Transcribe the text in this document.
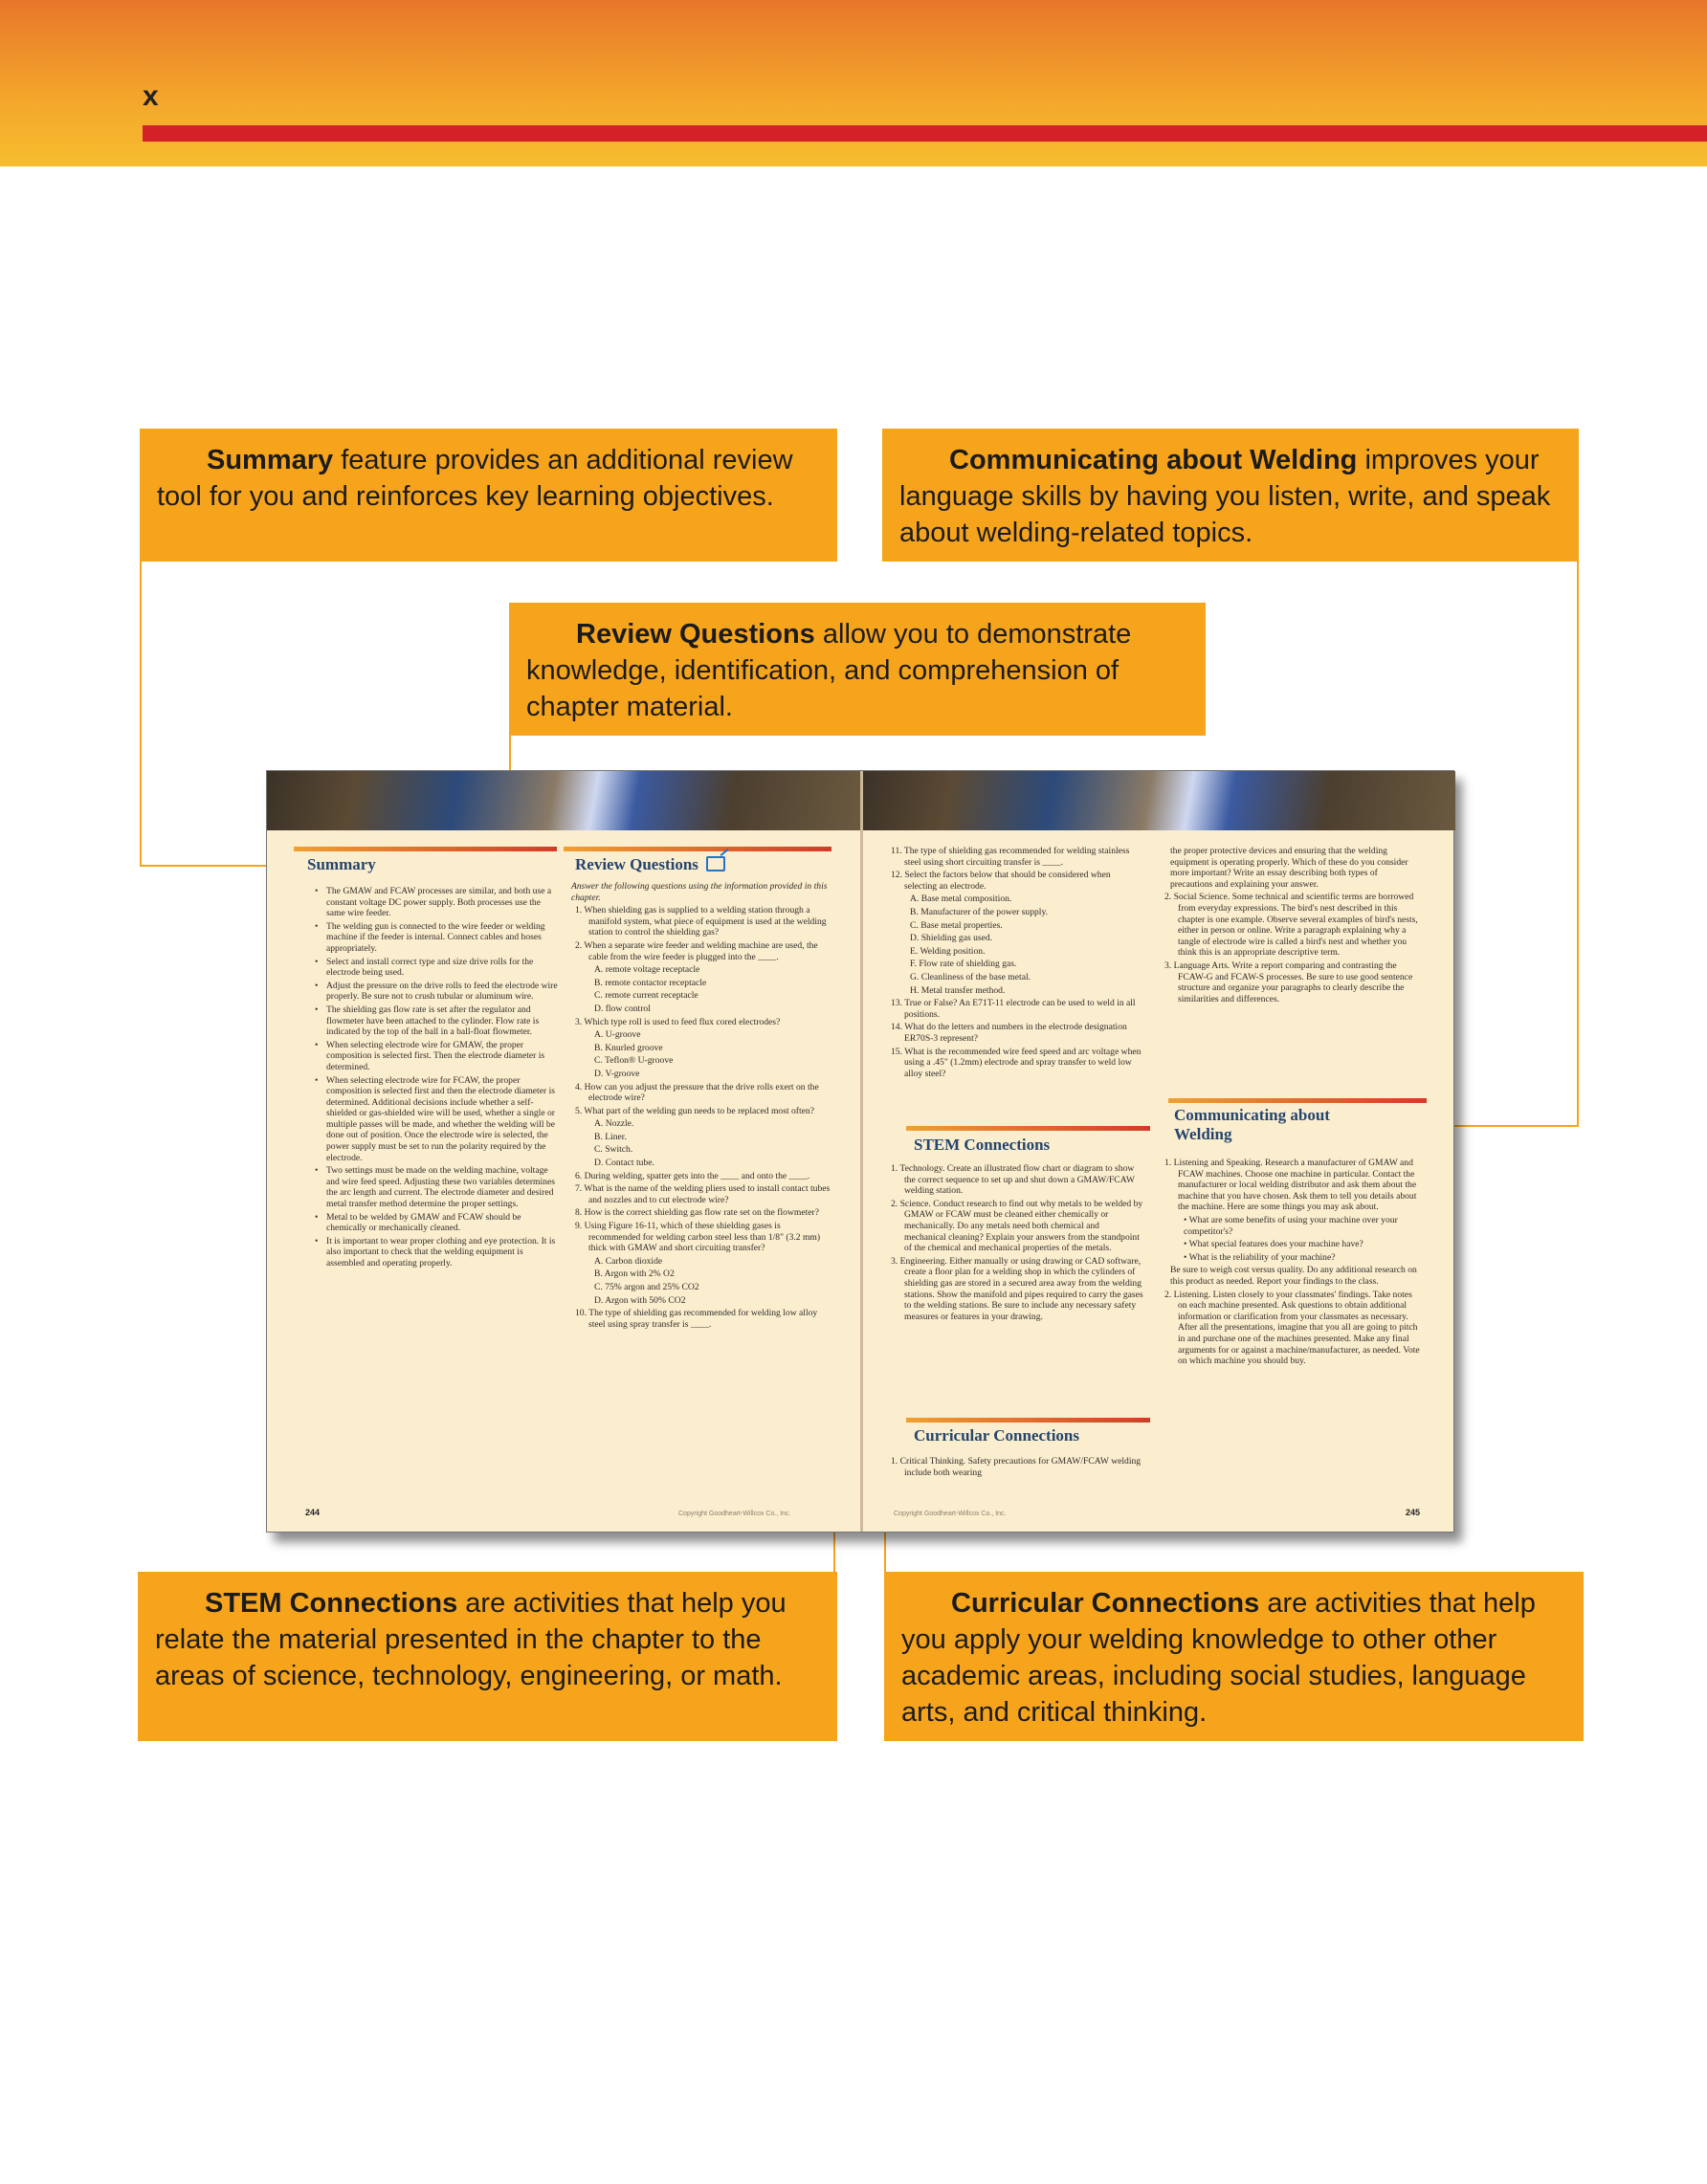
x
Summary feature provides an additional review tool for you and reinforces key learning objectives.
Communicating about Welding improves your language skills by having you listen, write, and speak about welding-related topics.
Review Questions allow you to demonstrate knowledge, identification, and comprehension of chapter material.
STEM Connections are activities that help you relate the material presented in the chapter to the areas of science, technology, engineering, or math.
Curricular Connections are activities that help you apply your welding knowledge to other other academic areas, including social studies, language arts, and critical thinking.
Summary

• The GMAW and FCAW processes are similar, and both use a constant voltage DC power supply. Both processes use the same wire feeder.

• The welding gun is connected to the wire feeder or welding machine if the feeder is internal. Connect cables and hoses appropriately.

• Select and install correct type and size drive rolls for the electrode being used.

• Adjust the pressure on the drive rolls to feed the electrode wire properly. Be sure not to crush tubular or aluminum wire.

• The shielding gas flow rate is set after the regulator and flowmeter have been attached to the cylinder. Flow rate is indicated by the top of the ball in a ball-float flowmeter.

• When selecting electrode wire for GMAW, the proper composition is selected first. Then the electrode diameter is determined.

• When selecting electrode wire for FCAW, the proper composition is selected first and then the electrode diameter is determined. Additional decisions include whether a self-shielded or gas-shielded wire will be used, whether a single or multiple passes will be made, and whether the welding will be done out of position. Once the electrode wire is selected, the power supply must be set to run the polarity required by the electrode.

• Two settings must be made on the welding machine, voltage and wire feed speed. Adjusting these two variables determines the arc length and current. The electrode diameter and desired metal transfer method determine the proper settings.

• Metal to be welded by GMAW and FCAW should be chemically or mechanically cleaned.

• It is important to wear proper clothing and eye protection. It is also important to check that the welding equipment is assembled and operating properly.

Review Questions

Answer the following questions using the information provided in this chapter.

1. When shielding gas is supplied to a welding station through a manifold system, what piece of equipment is used at the welding station to control the shielding gas?

2. When a separate wire feeder and welding machine are used, the cable from the wire feeder is plugged into the ____.

A. remote voltage receptacle

B. remote contactor receptacle

C. remote current receptacle

D. flow control

3. Which type roll is used to feed flux cored electrodes?

A. U-groove

B. Knurled groove

C. Teflon® U-groove

D. V-groove

4. How can you adjust the pressure that the drive rolls exert on the electrode wire?

5. What part of the welding gun needs to be replaced most often?

A. Nozzle.

B. Liner.

C. Switch.

D. Contact tube.

6. During welding, spatter gets into the ____ and onto the ____.

7. What is the name of the welding pliers used to install contact tubes and nozzles and to cut electrode wire?

8. How is the correct shielding gas flow rate set on the flowmeter?

9. Using Figure 16-11, which of these shielding gases is recommended for welding carbon steel less than 1/8" (3.2 mm) thick with GMAW and short circuiting transfer?

A. Carbon dioxide

B. Argon with 2% O2

C. 75% argon and 25% CO2

D. Argon with 50% CO2

10. The type of shielding gas recommended for welding low alloy steel using spray transfer is ____.

244	Copyright Goodheart-Willcox Co., Inc.

11. The type of shielding gas recommended for welding stainless steel using short circuiting transfer is ____.

12. Select the factors below that should be considered when selecting an electrode.

A. Base metal composition.

B. Manufacturer of the power supply.

C. Base metal properties.

D. Shielding gas used.

E. Welding position.

F. Flow rate of shielding gas.

G. Cleanliness of the base metal.

H. Metal transfer method.

13. True or False? An E71T-11 electrode can be used to weld in all positions.

14. What do the letters and numbers in the electrode designation ER70S-3 represent?

15. What is the recommended wire feed speed and arc voltage when using a .45" (1.2mm) electrode and spray transfer to weld low alloy steel?

STEM Connections

1. Technology. Create an illustrated flow chart or diagram to show the correct sequence to set up and shut down a GMAW/FCAW welding station.

2. Science. Conduct research to find out why metals to be welded by GMAW or FCAW must be cleaned either chemically or mechanically. Do any metals need both chemical and mechanical cleaning? Explain your answers from the standpoint of the chemical and mechanical properties of the metals.

3. Engineering. Either manually or using drawing or CAD software, create a floor plan for a welding shop in which the cylinders of shielding gas are stored in a secured area away from the welding stations. Show the manifold and pipes required to carry the gases to the welding stations. Be sure to include any necessary safety measures or features in your drawing.

Curricular Connections

1. Critical Thinking. Safety precautions for GMAW/FCAW welding include both wearing

the proper protective devices and ensuring that the welding equipment is operating properly. Which of these do you consider more important? Write an essay describing both types of precautions and explaining your answer.

2. Social Science. Some technical and scientific terms are borrowed from everyday expressions. The bird's nest described in this chapter is one example. Observe several examples of bird's nests, either in person or online. Write a paragraph explaining why a tangle of electrode wire is called a bird's nest and whether you think this is an appropriate descriptive term.

3. Language Arts. Write a report comparing and contrasting the FCAW-G and FCAW-S processes. Be sure to use good sentence structure and organize your paragraphs to clearly describe the similarities and differences.

Communicating about
Welding

1. Listening and Speaking. Research a manufacturer of GMAW and FCAW machines. Choose one machine in particular. Contact the manufacturer or local welding distributor and ask them about the machine that you have chosen. Ask them to tell you details about the machine. Here are some things you may ask about.

• What are some benefits of using your machine over your competitor's?

• What special features does your machine have?

• What is the reliability of your machine?

Be sure to weigh cost versus quality. Do any additional research on this product as needed. Report your findings to the class.

2. Listening. Listen closely to your classmates' findings. Take notes on each machine presented. Ask questions to obtain additional information or clarification from your classmates as necessary. After all the presentations, imagine that you all are going to pitch in and purchase one of the machines presented. Make any final arguments for or against a machine/manufacturer, as needed. Vote on which machine you should buy.

Copyright Goodheart-Willcox Co., Inc.	245
